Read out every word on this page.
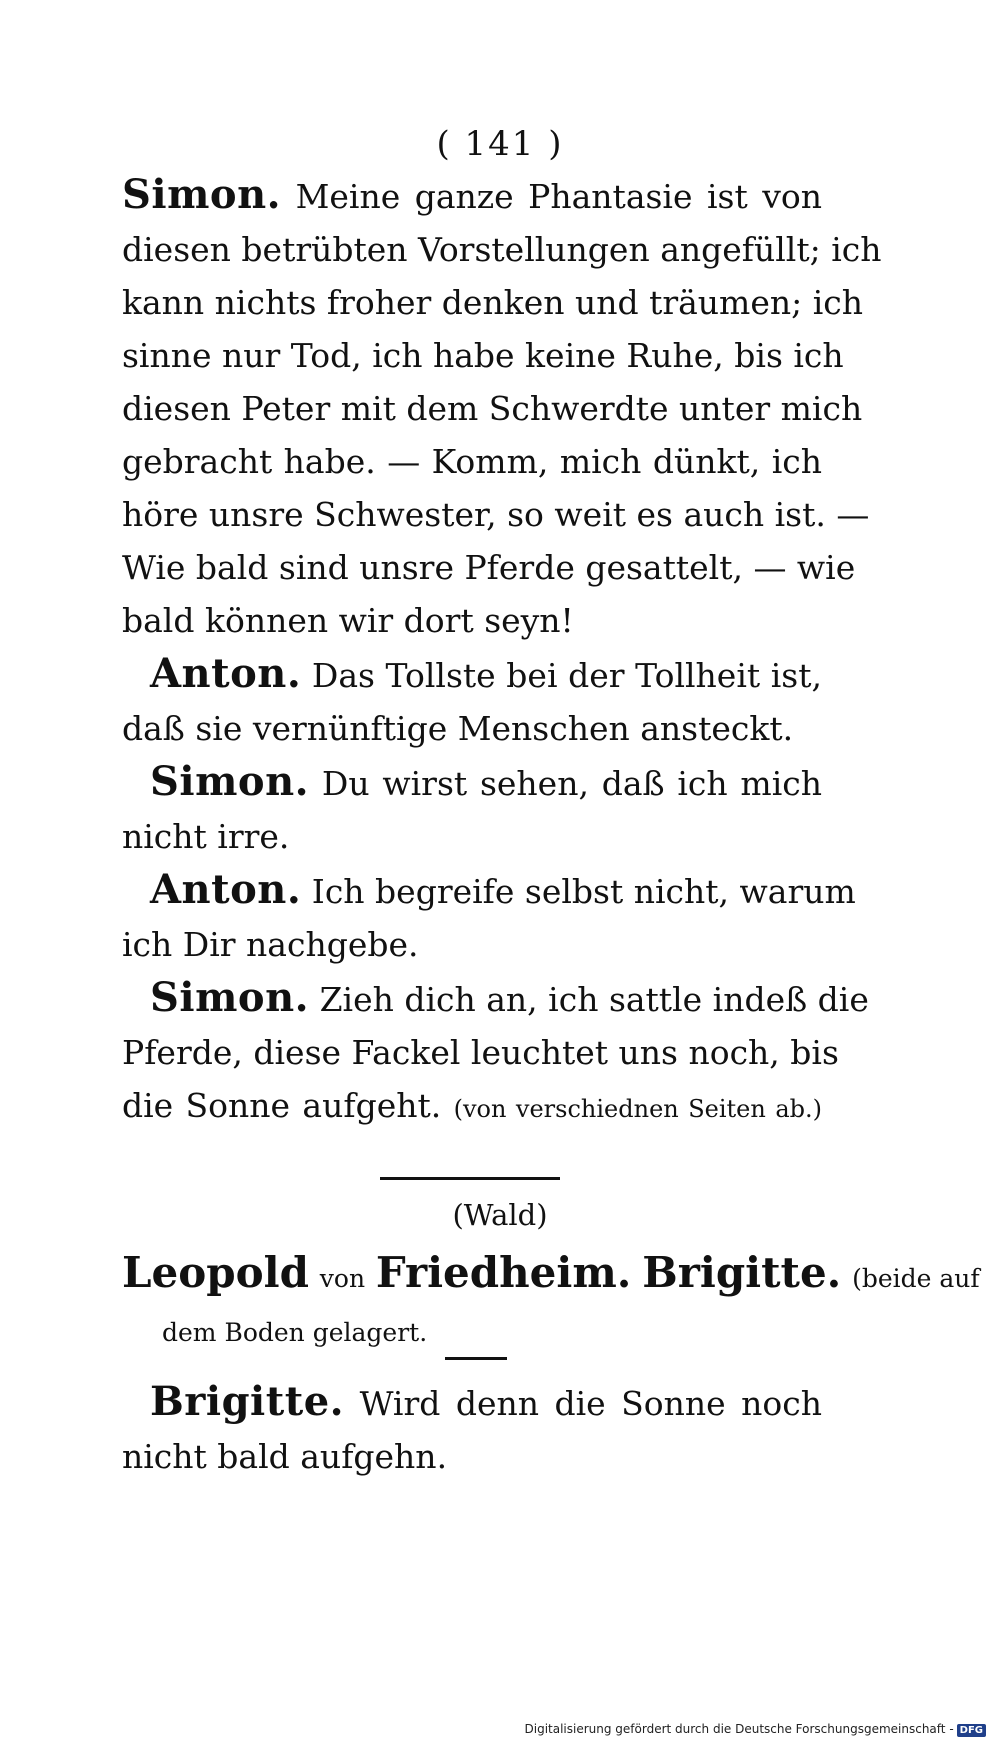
( 141 )
Simon. Meine ganze Phantasie ist von
diesen betrübten Vorstellungen angefüllt; ich
kann nichts froher denken und träumen; ich
sinne nur Tod, ich habe keine Ruhe, bis ich
diesen Peter mit dem Schwerdte unter mich
gebracht habe. — Komm, mich dünkt, ich
höre unsre Schwester, so weit es auch ist. —
Wie bald sind unsre Pferde gesattelt, — wie
bald können wir dort seyn!
Anton. Das Tollste bei der Tollheit ist,
daß sie vernünftige Menschen ansteckt.
Simon. Du wirst sehen, daß ich mich
nicht irre.
Anton. Ich begreife selbst nicht, warum
ich Dir nachgebe.
Simon. Zieh dich an, ich sattle indeß die
Pferde, diese Fackel leuchtet uns noch, bis
die Sonne aufgeht. (von verschiednen Seiten ab.)
(Wald)
Leopold von Friedheim. Brigitte. (beide auf
dem Boden gelagert.
Brigitte. Wird denn die Sonne noch
nicht bald aufgehn.
Digitalisierung gefördert durch die Deutsche Forschungsgemeinschaft - DFG
